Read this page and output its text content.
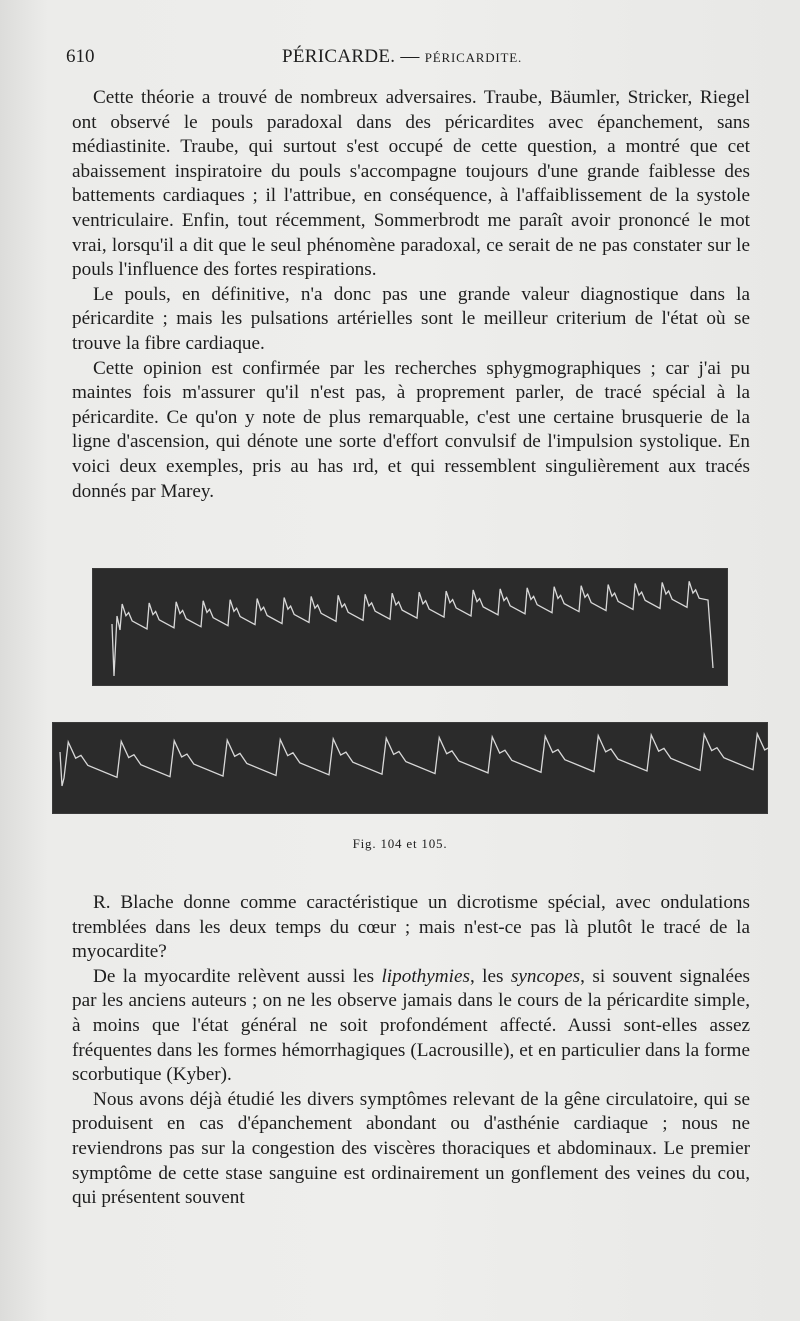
610	PÉRICARDE. — PÉRICARDITE.

Cette théorie a trouvé de nombreux adversaires. Traube, Bäumler, Stricker, Riegel ont observé le pouls paradoxal dans des péricardites avec épanchement, sans médiastinite. Traube, qui surtout s'est occupé de cette question, a montré que cet abaissement inspiratoire du pouls s'accompagne toujours d'une grande faiblesse des battements cardiaques ; il l'attribue, en conséquence, à l'affaiblissement de la systole ventriculaire. Enfin, tout récemment, Sommerbrodt me paraît avoir prononcé le mot vrai, lorsqu'il a dit que le seul phénomène paradoxal, ce serait de ne pas constater sur le pouls l'influence des fortes respirations.

Le pouls, en définitive, n'a donc pas une grande valeur diagnostique dans la péricardite ; mais les pulsations artérielles sont le meilleur criterium de l'état où se trouve la fibre cardiaque.

Cette opinion est confirmée par les recherches sphygmographiques ; car j'ai pu maintes fois m'assurer qu'il n'est pas, à proprement parler, de tracé spécial à la péricardite. Ce qu'on y note de plus remarquable, c'est une certaine brusquerie de la ligne d'ascension, qui dénote une sorte d'effort convulsif de l'impulsion systolique. En voici deux exemples, pris au has ırd, et qui ressemblent singulièrement aux tracés donnés par Marey.

Fig. 104 et 105.

R. Blache donne comme caractéristique un dicrotisme spécial, avec ondulations tremblées dans les deux temps du cœur ; mais n'est-ce pas là plutôt le tracé de la myocardite?

De la myocardite relèvent aussi les lipothymies, les syncopes, si souvent signalées par les anciens auteurs ; on ne les observe jamais dans le cours de la péricardite simple, à moins que l'état général ne soit profondément affecté. Aussi sont-elles assez fréquentes dans les formes hémorrhagiques (Lacrousille), et en particulier dans la forme scorbutique (Kyber).

Nous avons déjà étudié les divers symptômes relevant de la gêne circulatoire, qui se produisent en cas d'épanchement abondant ou d'asthénie cardiaque ; nous ne reviendrons pas sur la congestion des viscères thoraciques et abdominaux. Le premier symptôme de cette stase sanguine est ordinairement un gonflement des veines du cou, qui présentent souvent
